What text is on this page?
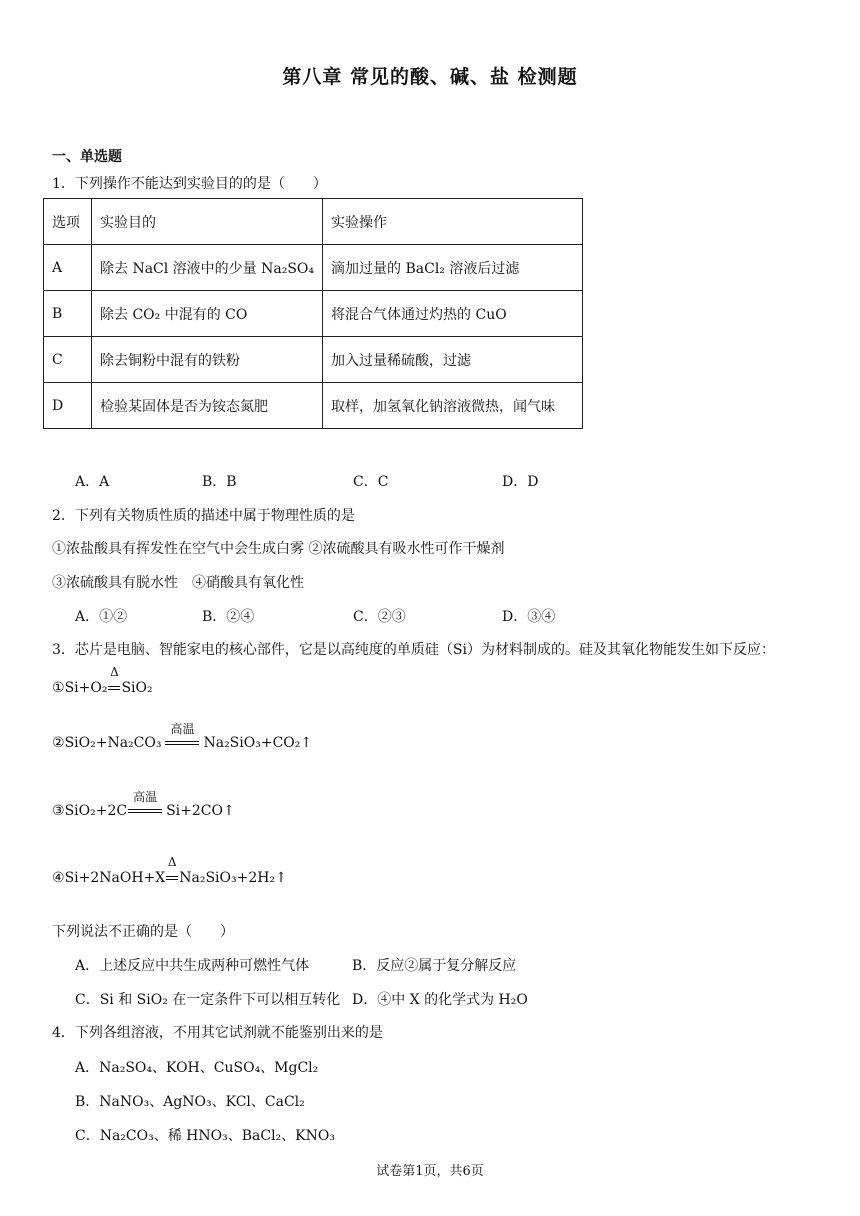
第八章 常见的酸、碱、盐 检测题
一、单选题
1．下列操作不能达到实验目的的是（　　）
选项	实验目的	实验操作
A	除去 NaCl 溶液中的少量 Na₂SO₄	滴加过量的 BaCl₂ 溶液后过滤
B	除去 CO₂ 中混有的 CO	将混合气体通过灼热的 CuO
C	除去铜粉中混有的铁粉	加入过量稀硫酸，过滤
D	检验某固体是否为铵态氮肥	取样，加氢氧化钠溶液微热，闻气味
A．A	B．B	C．C	D．D
2．下列有关物质性质的描述中属于物理性质的是
①浓盐酸具有挥发性在空气中会生成白雾 ②浓硫酸具有吸水性可作干燥剂
③浓硫酸具有脱水性　④硝酸具有氧化性
A．①②	B．②④	C．②③	D．③④
3．芯片是电脑、智能家电的核心部件，它是以高纯度的单质硅（Si）为材料制成的。硅及其氧化物能发生如下反应：
①Si+O₂
Δ
SiO₂
②SiO₂+Na₂CO₃
高温
Na₂SiO₃+CO₂↑
③SiO₂+2C
高温
Si+2CO↑
④Si+2NaOH+X
Δ
Na₂SiO₃+2H₂↑
下列说法不正确的是（　　）
A．上述反应中共生成两种可燃性气体	B．反应②属于复分解反应
C．Si 和 SiO₂ 在一定条件下可以相互转化 D．④中 X 的化学式为 H₂O
4．下列各组溶液，不用其它试剂就不能鉴别出来的是
A．Na₂SO₄、KOH、CuSO₄、MgCl₂
B．NaNO₃、AgNO₃、KCl、CaCl₂
C．Na₂CO₃、稀 HNO₃、BaCl₂、KNO₃
试卷第1页，共6页
